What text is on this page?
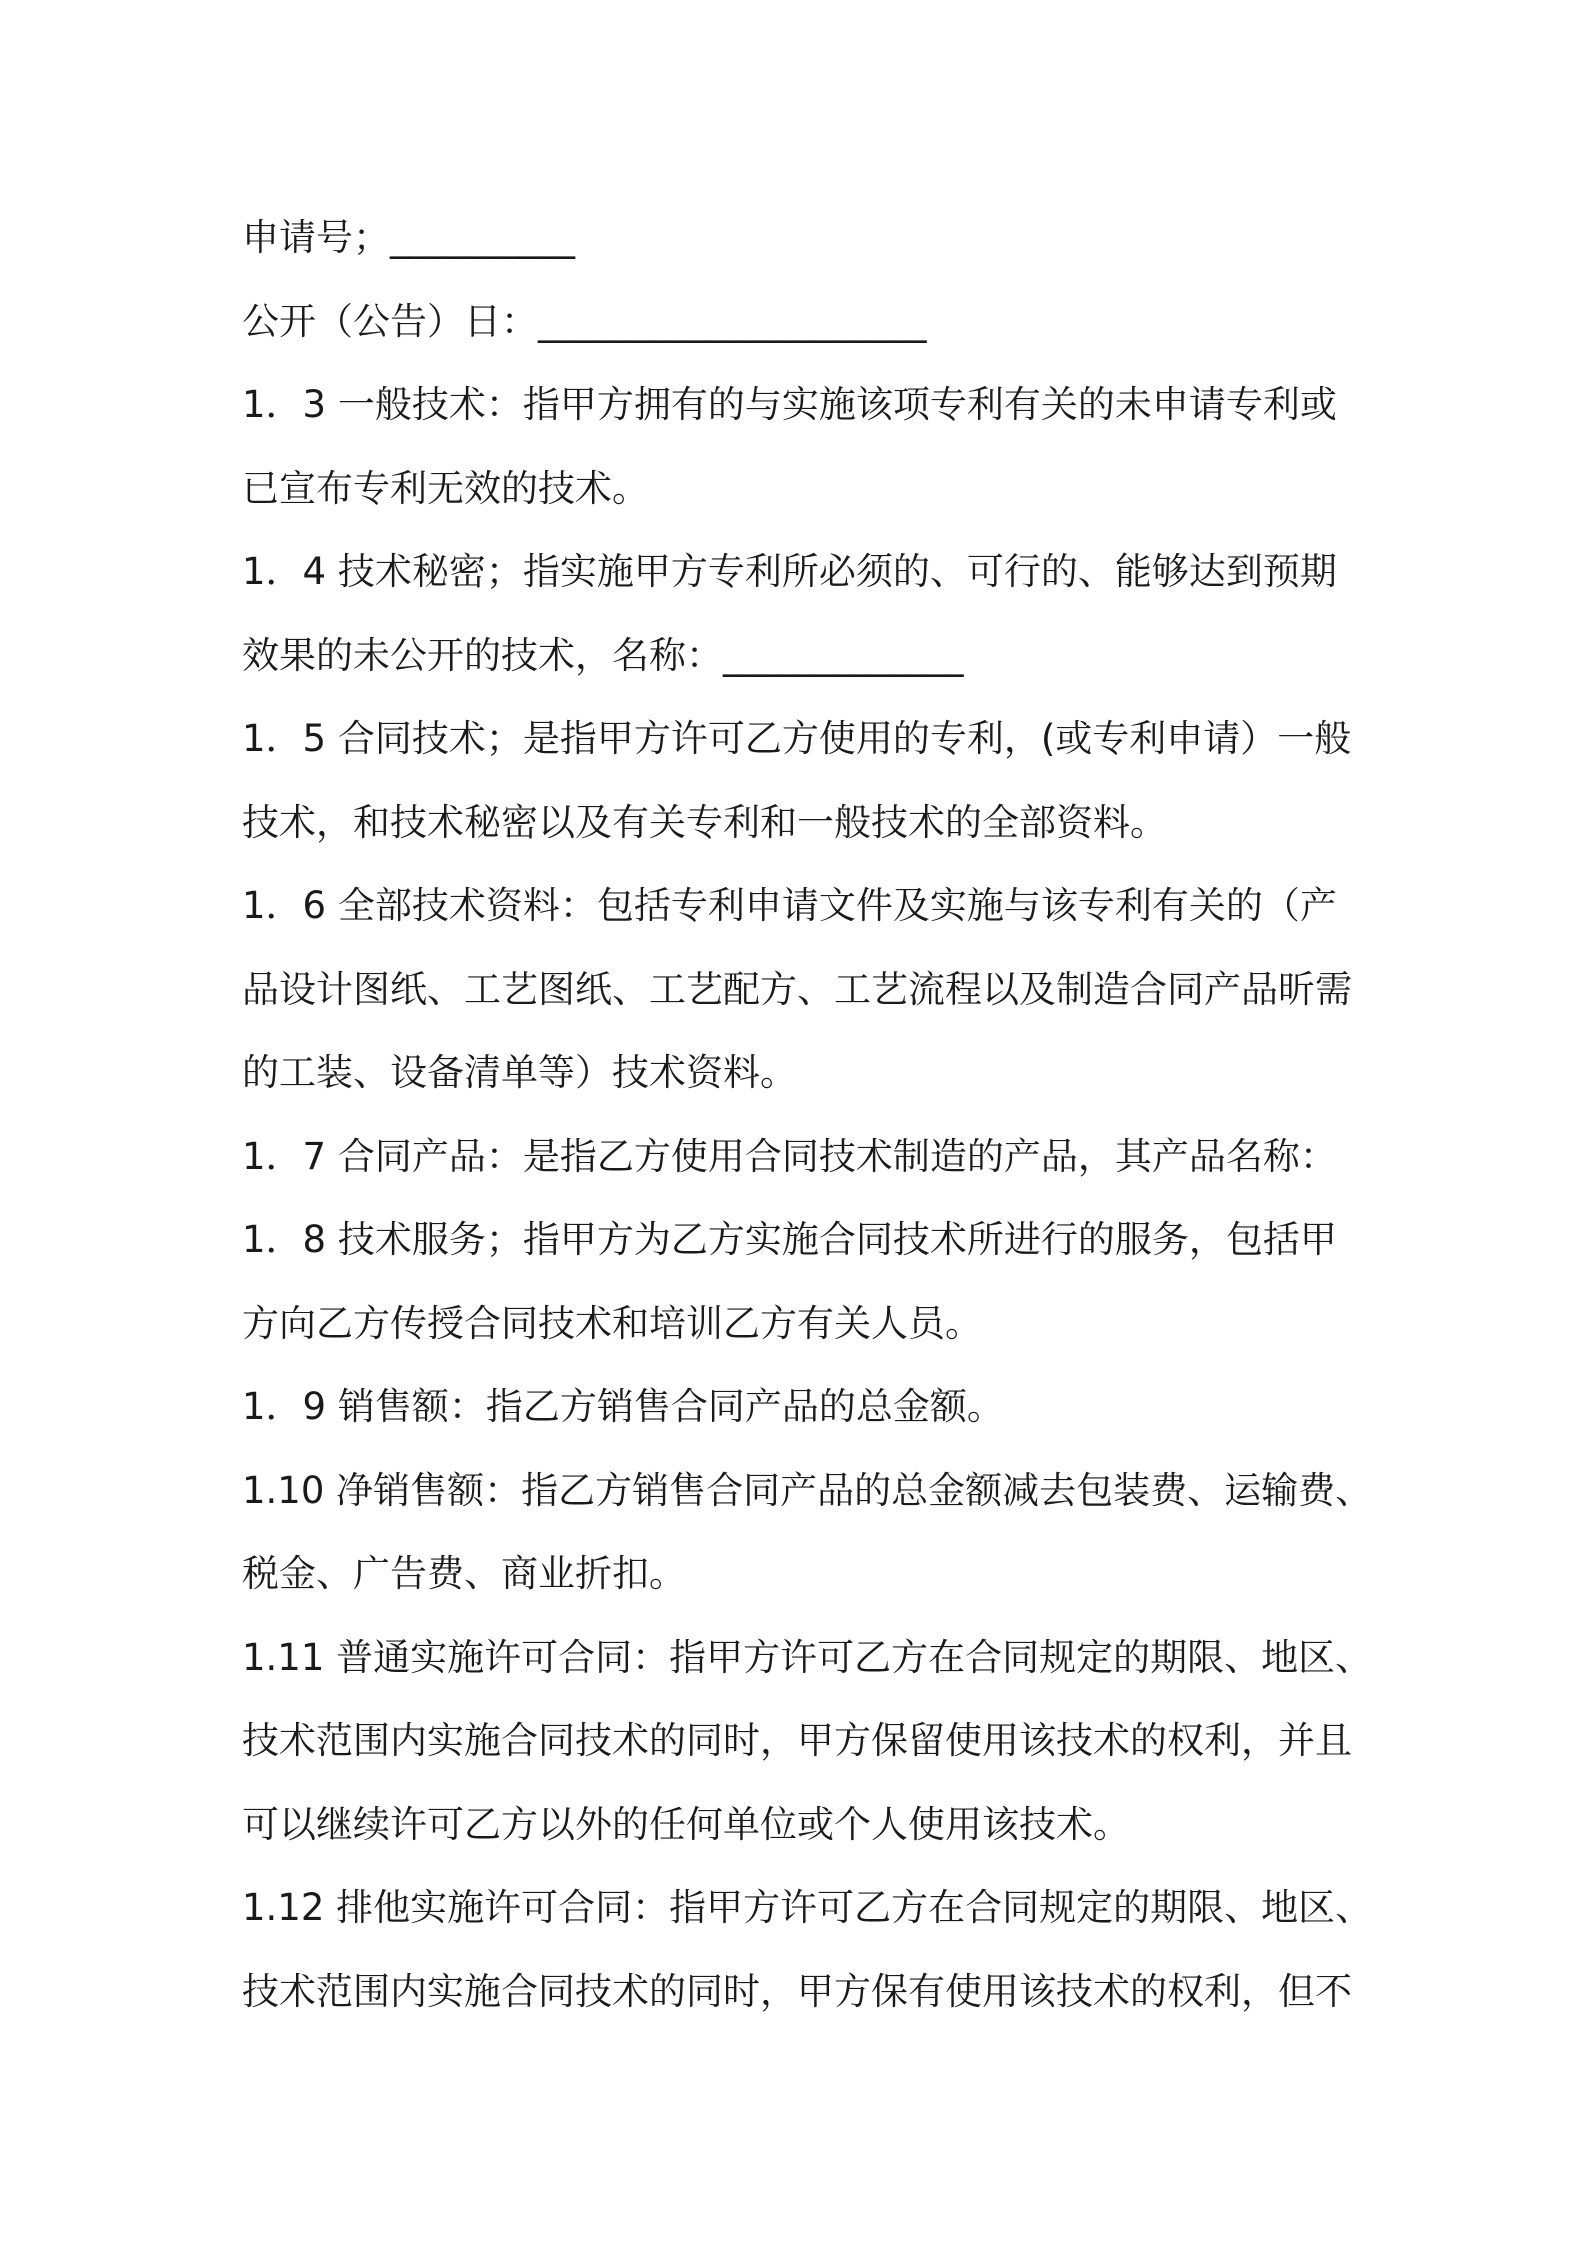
申请号；__________
公开（公告）日：_____________________
1．3 一般技术：指甲方拥有的与实施该项专利有关的未申请专利或
已宣布专利无效的技术。
1．4 技术秘密；指实施甲方专利所必须的、可行的、能够达到预期
效果的未公开的技术，名称：_____________
1．5 合同技术；是指甲方许可乙方使用的专利，(或专利申请）一般
技术，和技术秘密以及有关专利和一般技术的全部资料。
1．6 全部技术资料：包括专利申请文件及实施与该专利有关的（产
品设计图纸、工艺图纸、工艺配方、工艺流程以及制造合同产品昕需
的工装、设备清单等）技术资料。
1．7 合同产品：是指乙方使用合同技术制造的产品，其产品名称：
1．8 技术服务；指甲方为乙方实施合同技术所进行的服务，包括甲
方向乙方传授合同技术和培训乙方有关人员。
1．9 销售额：指乙方销售合同产品的总金额。
1.10 净销售额：指乙方销售合同产品的总金额减去包装费、运输费、
税金、广告费、商业折扣。
1.11 普通实施许可合同：指甲方许可乙方在合同规定的期限、地区、
技术范围内实施合同技术的同时，甲方保留使用该技术的权利，并且
可以继续许可乙方以外的任何单位或个人使用该技术。
1.12 排他实施许可合同：指甲方许可乙方在合同规定的期限、地区、
技术范围内实施合同技术的同时，甲方保有使用该技术的权利，但不
